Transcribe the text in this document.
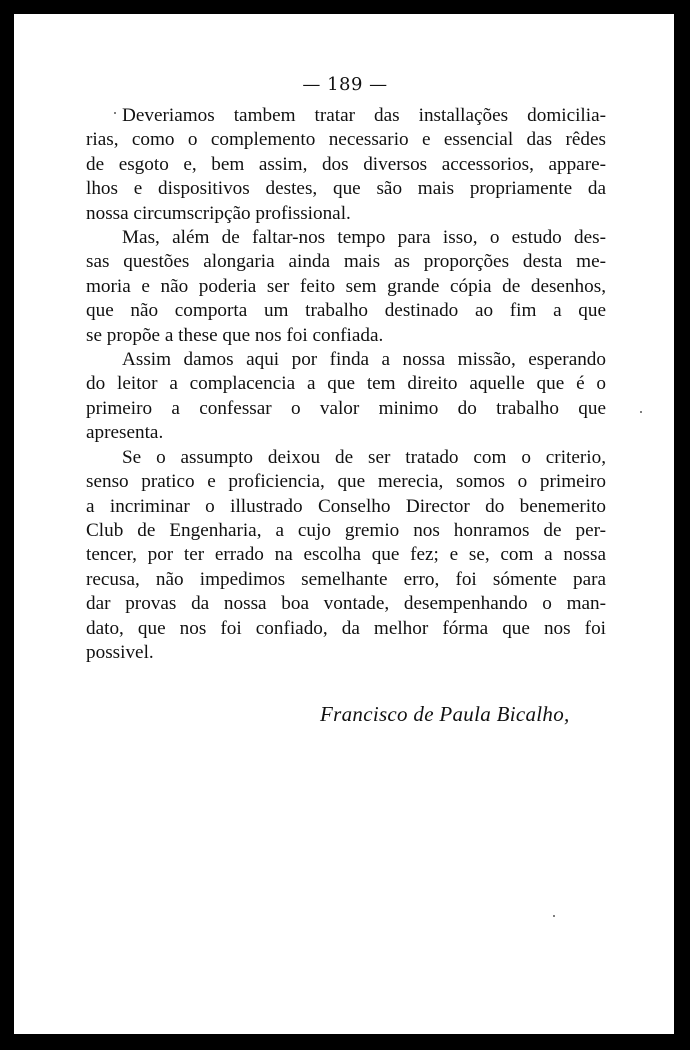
— 189 —
Deveriamos tambem tratar das installações domicilia-
rias, como o complemento necessario e essencial das rêdes
de esgoto e, bem assim, dos diversos accessorios, appare-
lhos e dispositivos destes, que são mais propriamente da
nossa circumscripção profissional.
Mas, além de faltar-nos tempo para isso, o estudo des-
sas questões alongaria ainda mais as proporções desta me-
moria e não poderia ser feito sem grande cópia de desenhos,
que não comporta um trabalho destinado ao fim a que
se propõe a these que nos foi confiada.
Assim damos aqui por finda a nossa missão, esperando
do leitor a complacencia a que tem direito aquelle que é o
primeiro a confessar o valor minimo do trabalho que
apresenta.
Se o assumpto deixou de ser tratado com o criterio,
senso pratico e proficiencia, que merecia, somos o primeiro
a incriminar o illustrado Conselho Director do benemerito
Club de Engenharia, a cujo gremio nos honramos de per-
tencer, por ter errado na escolha que fez; e se, com a nossa
recusa, não impedimos semelhante erro, foi sómente para
dar provas da nossa boa vontade, desempenhando o man-
dato, que nos foi confiado, da melhor fórma que nos foi
possivel.
Francisco de Paula Bicalho,
